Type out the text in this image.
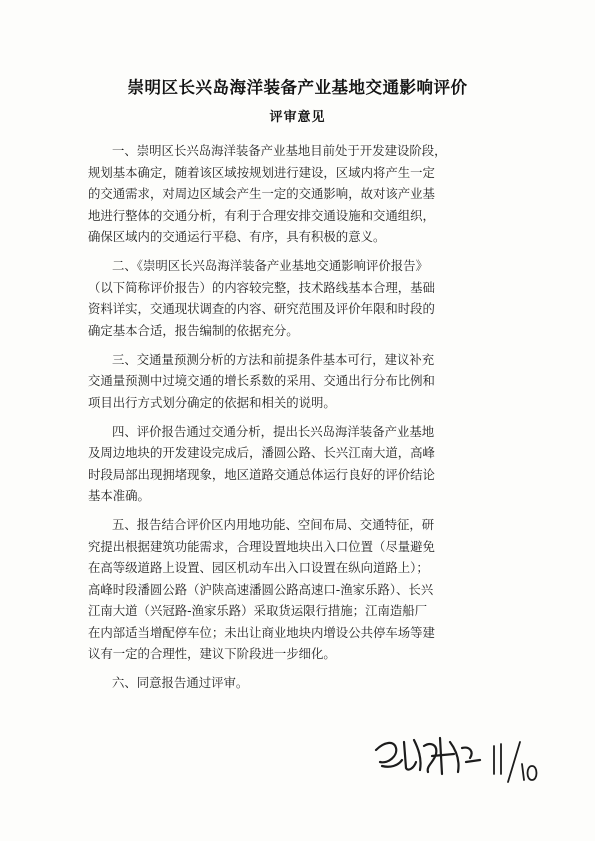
崇明区长兴岛海洋装备产业基地交通影响评价
评审意见
一、崇明区长兴岛海洋装备产业基地目前处于开发建设阶段，
规划基本确定，随着该区域按规划进行建设，区域内将产生一定
的交通需求，对周边区域会产生一定的交通影响，故对该产业基
地进行整体的交通分析，有利于合理安排交通设施和交通组织，
确保区域内的交通运行平稳、有序，具有积极的意义。
二、《崇明区长兴岛海洋装备产业基地交通影响评价报告》
（以下简称评价报告）的内容较完整，技术路线基本合理，基础
资料详实，交通现状调查的内容、研究范围及评价年限和时段的
确定基本合适，报告编制的依据充分。
三、交通量预测分析的方法和前提条件基本可行，建议补充
交通量预测中过境交通的增长系数的采用、交通出行分布比例和
项目出行方式划分确定的依据和相关的说明。
四、评价报告通过交通分析，提出长兴岛海洋装备产业基地
及周边地块的开发建设完成后，潘圆公路、长兴江南大道，高峰
时段局部出现拥堵现象，地区道路交通总体运行良好的评价结论
基本准确。
五、报告结合评价区内用地功能、空间布局、交通特征，研
究提出根据建筑功能需求，合理设置地块出入口位置（尽量避免
在高等级道路上设置、园区机动车出入口设置在纵向道路上）；
高峰时段潘圆公路（沪陕高速潘圆公路高速口-渔家乐路）、长兴
江南大道（兴冠路-渔家乐路）采取货运限行措施；江南造船厂
在内部适当增配停车位；未出让商业地块内增设公共停车场等建
议有一定的合理性，建议下阶段进一步细化。
六、同意报告通过评审。
